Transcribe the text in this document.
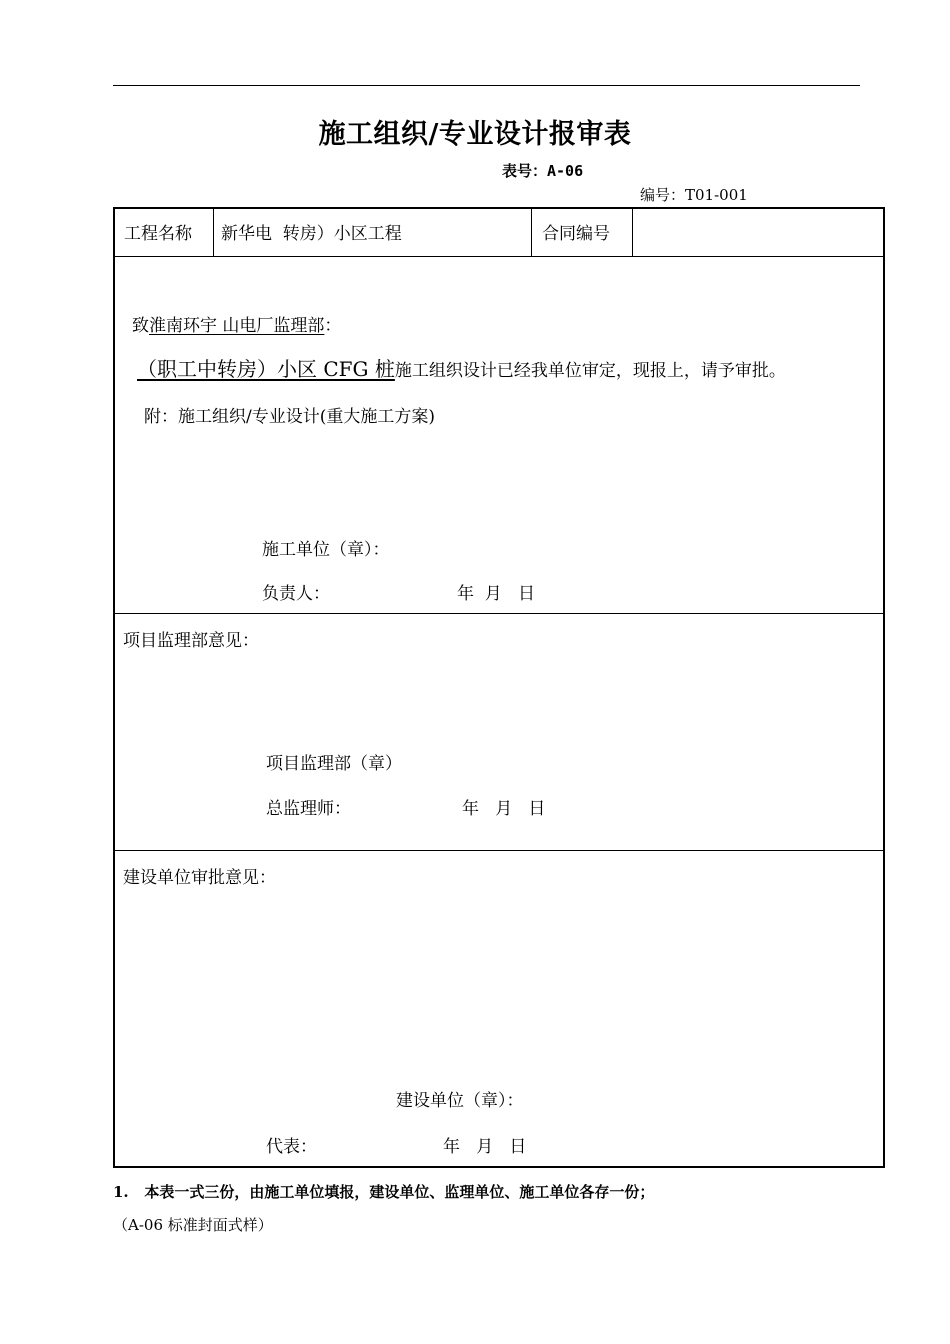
施工组织/专业设计报审表
表号：A-06
编号：T01-001
工程名称 新华电  转房）小区工程	合同编号
致淮南环宇 山电厂监理部：
（职工中转房）小区 CFG 桩施工组织设计已经我单位审定，现报上，请予审批。
附：施工组织/专业设计(重大施工方案)
施工单位（章）：
负责人：	年  月   日
项目监理部意见：
项目监理部（章）
总监理师：	年   月   日
建设单位审批意见：
建设单位（章）：
代表：	年   月   日
1.   本表一式三份，由施工单位填报，建设单位、监理单位、施工单位各存一份；
（A-06 标准封面式样）
